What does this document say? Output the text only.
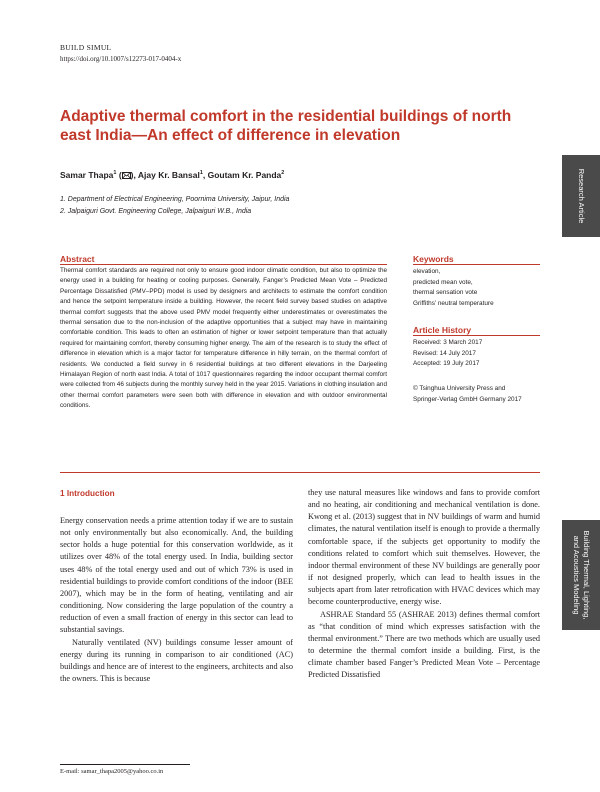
BUILD SIMUL
https://doi.org/10.1007/s12273-017-0404-x
Adaptive thermal comfort in the residential buildings of north east India—An effect of difference in elevation
Samar Thapa$^1$ ( ), Ajay Kr. Bansal$^1$, Goutam Kr. Panda$^2$
1. Department of Electrical Engineering, Poornima University, Jaipur, India
2. Jalpaiguri Govt. Engineering College, Jalpaiguri W.B., India	Research Article
Building Thermal, Lighting,
and Acoustics Modeling
Abstract
Thermal comfort standards are required not only to ensure good indoor climatic condition, but also to optimize the energy used in a building for heating or cooling purposes. Generally, Fanger’s Predicted Mean Vote – Predicted Percentage Dissatisfied (PMV–PPD) model is used by designers and architects to estimate the comfort condition and hence the setpoint temperature inside a building. However, the recent field survey based studies on adaptive thermal comfort suggests that the above used PMV model frequently either underestimates or overestimates the thermal sensation due to the non-inclusion of the adaptive opportunities that a subject may have in maintaining comfortable condition. This leads to often an estimation of higher or lower setpoint temperature than that actually required for maintaining comfort, thereby consuming higher energy. The aim of the research is to study the effect of difference in elevation which is a major factor for temperature difference in hilly terrain, on the thermal comfort of residents. We conducted a field survey in 6 residential buildings at two different elevations in the Darjeeling Himalayan Region of north east India. A total of 1017 questionnaires regarding the indoor occupant thermal comfort were collected from 46 subjects during the monthly survey held in the year 2015. Variations in clothing insulation and other thermal comfort parameters were seen both with difference in elevation and with outdoor environmental conditions.
Keywords
elevation,
predicted mean vote,
thermal sensation vote
Griffiths’ neutral temperature
Article History
Received: 3 March 2017
Revised: 14 July 2017
Accepted: 19 July 2017
© Tsinghua University Press and
Springer-Verlag GmbH Germany 2017
1 Introduction

Energy conservation needs a prime attention today if we are to sustain not only environmentally but also economically. And, the building sector holds a huge potential for this conservation worldwide, as it utilizes over 48% of the total energy used. In India, building sector uses 48% of the total energy used and out of which 73% is used in residential buildings to provide comfort conditions of the indoor (BEE 2007), which may be in the form of heating, ventilating and air conditioning. Now considering the large population of the country a reduction of even a small fraction of energy in this sector can lead to substantial savings.

Naturally ventilated (NV) buildings consume lesser amount of energy during its running in comparison to air conditioned (AC) buildings and hence are of interest to the engineers, architects and also the owners. This is because

they use natural measures like windows and fans to provide comfort and no heating, air conditioning and mechanical ventilation is done. Kwong et al. (2013) suggest that in NV buildings of warm and humid climates, the natural ventilation itself is enough to provide a thermally comfortable space, if the subjects get opportunity to modify the conditions related to comfort which suit themselves. However, the indoor thermal environment of these NV buildings are generally poor if not designed properly, which can lead to health issues in the subjects apart from later retrofication with HVAC devices which may become counterproductive, energy wise.

ASHRAE Standard 55 (ASHRAE 2013) defines thermal comfort as “that condition of mind which expresses satisfaction with the thermal environment.” There are two methods which are usually used to determine the thermal comfort inside a building. First, is the climate chamber based Fanger’s Predicted Mean Vote – Percentage Predicted Dissatisfied

E-mail: samar_thapa2005@yahoo.co.in
